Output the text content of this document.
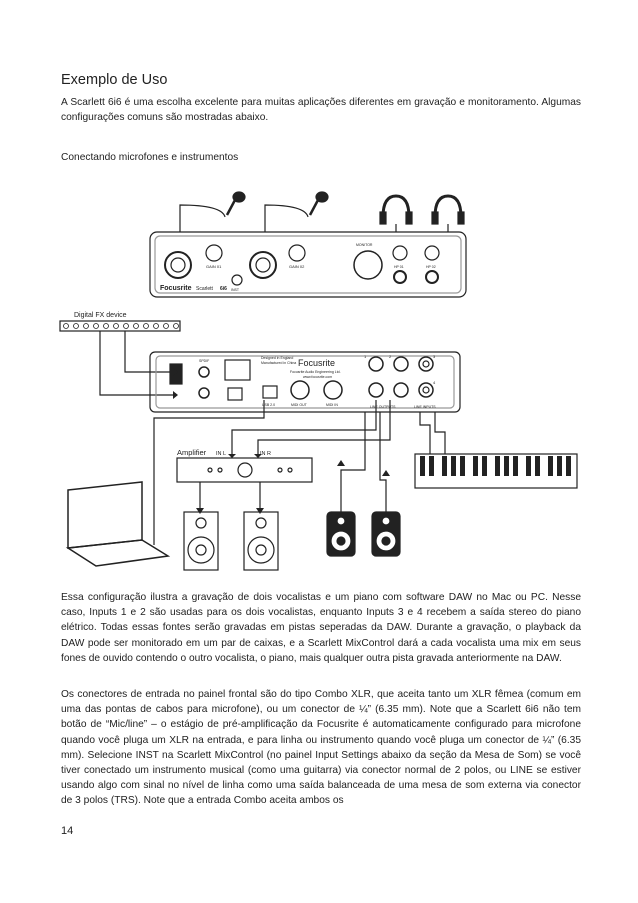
Exemplo de Uso
A Scarlett 6i6 é uma escolha excelente para muitas aplicações diferentes em gravação e monitoramento. Algumas configurações comuns são mostradas abaixo.
Conectando microfones e instrumentos
Digital FX device
Amplifier IN L	IN R
Focusrite Scarlett 6i6
GAIN 01	GAIN 02
INST
MONITOR
HP 01	HP 02
Focusrite
Focusrite Audio Engineering Ltd.
www.focusrite.com
Designed in England
Manufactured in China
SPDIF
USB 2.0	MIDI OUT	MIDI IN	LINE OUTPUTS	LINE INPUTS
1	2	3
4
Essa configuração ilustra a gravação de dois vocalistas e um piano com software DAW no Mac ou PC. Nesse caso, Inputs 1 e 2 são usadas para os dois vocalistas, enquanto Inputs 3 e 4 recebem a saída stereo do piano elétrico. Todas essas fontes serão gravadas em pistas seperadas da DAW. Durante a gravação, o playback da DAW pode ser monitorado em um par de caixas, e a Scarlett MixControl dará a cada vocalista uma mix em seus fones de ouvido contendo o outro vocalista, o piano, mais qualquer outra pista gravada anteriormente na DAW.
Os conectores de entrada no painel frontal são do tipo Combo XLR, que aceita tanto um XLR fêmea (comum em uma das pontas de cabos para microfone), ou um conector de ¼” (6.35 mm). Note que a Scarlett 6i6 não tem botão de “Mic/line” – o estágio de pré-amplificação da Focusrite é automaticamente configurado para microfone quando você pluga um XLR na entrada, e para linha ou instrumento quando você pluga um conector de ¼” (6.35 mm). Selecione INST na Scarlett MixControl (no painel Input Settings abaixo da seção da Mesa de Som) se você tiver conectado um instrumento musical (como uma guitarra) via conector normal de 2 polos, ou LINE se estiver usando algo com sinal no nível de linha como uma saída balanceada de uma mesa de som externa via conector de 3 polos (TRS). Note que a entrada Combo aceita ambos os
14
